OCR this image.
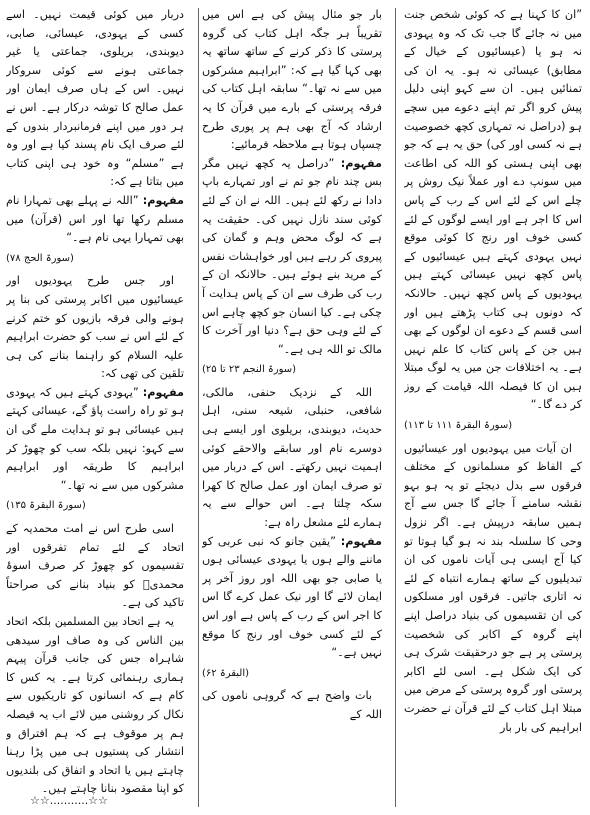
”ان کا کہنا ہے کہ کوئی شخص جنت میں نہ جائے گا جب تک کہ وہ یہودی نہ ہو یا (عیسائیوں کے خیال کے مطابق) عیسائی نہ ہو۔ یہ ان کی تمنائیں ہیں۔ ان سے کہو اپنی دلیل پیش کرو اگر تم اپنے دعوے میں سچے ہو (دراصل نہ تمہاری کچھ خصوصیت ہے نہ کسی اور کی) حق یہ ہے کہ جو بھی اپنی ہستی کو اللہ کی اطاعت میں سونپ دے اور عملاً نیک روش پر چلے اس کے لئے اس کے رب کے پاس اس کا اجر ہے اور ایسے لوگوں کے لئے کسی خوف اور رنج کا کوئی موقع نہیں یہودی کہتے ہیں عیسائیوں کے پاس کچھ نہیں عیسائی کہتے ہیں یہودیوں کے پاس کچھ نہیں۔ حالانکہ کہ دونوں ہی کتاب پڑھتے ہیں اور اسی قسم کے دعوے ان لوگوں کے بھی ہیں جن کے پاس کتاب کا علم نہیں ہے۔ یہ اختلافات جن میں یہ لوگ مبتلا ہیں ان کا فیصلہ اللہ قیامت کے روز کر دے گا۔“

(سورۃ البقرۃ ۱۱۱ تا ۱۱۳)

ان آیات میں یہودیوں اور عیسائیوں کے الفاظ کو مسلمانوں کے مختلف فرقوں سے بدل دیجئے تو یہ ہو بہو نقشہ سامنے آ جائے گا جس سے آج ہمیں سابقہ درپیش ہے۔ اگر نزول وحی کا سلسلہ بند نہ ہو گیا ہوتا تو کیا آج ایسی ہی آیات ناموں کی ان تبدیلیوں کے ساتھ ہمارے انتباہ کے لئے نہ اتاری جاتیں۔ فرقوں اور مسلکوں کی ان تقسیموں کی بنیاد دراصل اپنے اپنے گروہ کے اکابر کی شخصیت پرستی پر ہے جو درحقیقت شرک ہی کی ایک شکل ہے۔ اسی لئے اکابر پرستی اور گروہ پرستی کے مرض میں مبتلا اہل کتاب کے لئے قرآن نے حضرت ابراہیم کی بار بار

بار جو مثال پیش کی ہے اس میں تقریباً ہر جگہ اہل کتاب کی گروہ پرستی کا ذکر کرنے کے ساتھ ساتھ یہ بھی کہا گیا ہے کہ: ”ابراہیم مشرکوں میں سے نہ تھا۔“ سابقہ اہل کتاب کی فرقہ پرستی کے بارے میں قرآن کا یہ ارشاد کہ آج بھی ہم پر پوری طرح چسپاں ہوتا ہے ملاحظہ فرمائیے:

مفہوم: ”دراصل یہ کچھ نہیں مگر بس چند نام جو تم نے اور تمہارے باپ دادا نے رکھ لئے ہیں۔ اللہ نے ان کے لئے کوئی سند نازل نہیں کی۔ حقیقت یہ ہے کہ لوگ محض وہم و گمان کی پیروی کر رہے ہیں اور خواہشات نفس کے مرید بنے ہوئے ہیں۔ حالانکہ ان کے رب کی طرف سے ان کے پاس ہدایت آ چکی ہے۔ کیا انسان جو کچھ چاہے اس کے لئے وہی حق ہے؟ دنیا اور آخرت کا مالک تو اللہ ہی ہے۔“

(سورۃ النجم ۲۳ تا ۲۵)

اللہ کے نزدیک حنفی، مالکی، شافعی، حنبلی، شیعہ سنی، اہل حدیث، دیوبندی، بریلوی اور ایسے ہی دوسرے نام اور سابقے والاحقے کوئی اہمیت نہیں رکھتے۔ اس کے دربار میں تو صرف ایمان اور عمل صالح کا کھرا سکہ چلتا ہے۔ اس حوالے سے یہ ہمارے لئے مشعل راہ ہے:

مفہوم: ”یقین جانو کہ نبی عربی کو ماننے والے ہوں یا یہودی عیسائی ہوں یا صابی جو بھی اللہ اور روز آخر پر ایمان لائے گا اور نیک عمل کرے گا اس کا اجر اس کے رب کے پاس ہے اور اس کے لئے کسی خوف اور رنج کا موقع نہیں ہے۔“

(البقرۃ ۶۲)

بات واضح ہے کہ گروہی ناموں کی اللہ کے

دربار میں کوئی قیمت نہیں۔ اسے کسی کے یہودی، عیسائی، صابی، دیوبندی، بریلوی، جماعتی یا غیر جماعتی ہونے سے کوئی سروکار نہیں۔ اس کے ہاں صرف ایمان اور عمل صالح کا توشہ درکار ہے۔ اس نے ہر دور میں اپنے فرمانبردار بندوں کے لئے صرف ایک نام پسند کیا ہے اور وہ ہے ”مسلم“ وہ خود ہی اپنی کتاب میں بتاتا ہے کہ:

مفہوم: ”اللہ نے پہلے بھی تمہارا نام مسلم رکھا تھا اور اس (قرآن) میں بھی تمہارا یہی نام ہے۔“

(سورۃ الحج ۷۸)

اور جس طرح یہودیوں اور عیسائیوں میں اکابر پرستی کی بنا پر ہونے والی فرقہ بازیوں کو ختم کرنے کے لئے اس نے سب کو حضرت ابراہیم علیہ السلام کو راہنما بنانے کی ہی تلقین کی تھی کہ:

مفہوم: ”یہودی کہتے ہیں کہ یہودی ہو تو راہ راست پاؤ گے، عیسائی کہتے ہیں عیسائی ہو تو ہدایت ملے گی ان سے کہو: نہیں بلکہ سب کو چھوڑ کر ابراہیم کا طریقہ اور ابراہیم مشرکوں میں سے نہ تھا۔“

(سورۃ البقرۃ ۱۳۵)

اسی طرح اس نے امت محمدیہ کے اتحاد کے لئے تمام تفرقوں اور تقسیموں کو چھوڑ کر صرف اسوۂ محمدیؐ کو بنیاد بنانے کی صراحتاً تاکید کی ہے۔

یہ ہے اتحاد بین المسلمین بلکہ اتحاد بین الناس کی وہ صاف اور سیدھی شاہراہ جس کی جانب قرآن پیہم ہماری رہنمائی کرتا ہے۔ یہ کس کا کام ہے کہ انسانوں کو تاریکیوں سے نکال کر روشنی میں لائے اب یہ فیصلہ ہم پر موقوف ہے کہ ہم افتراق و انتشار کی پستیوں ہی میں پڑا رہنا چاہتے ہیں یا اتحاد و اتفاق کی بلندیوں کو اپنا مقصود بنانا چاہتے ہیں۔

☆☆...........☆☆
